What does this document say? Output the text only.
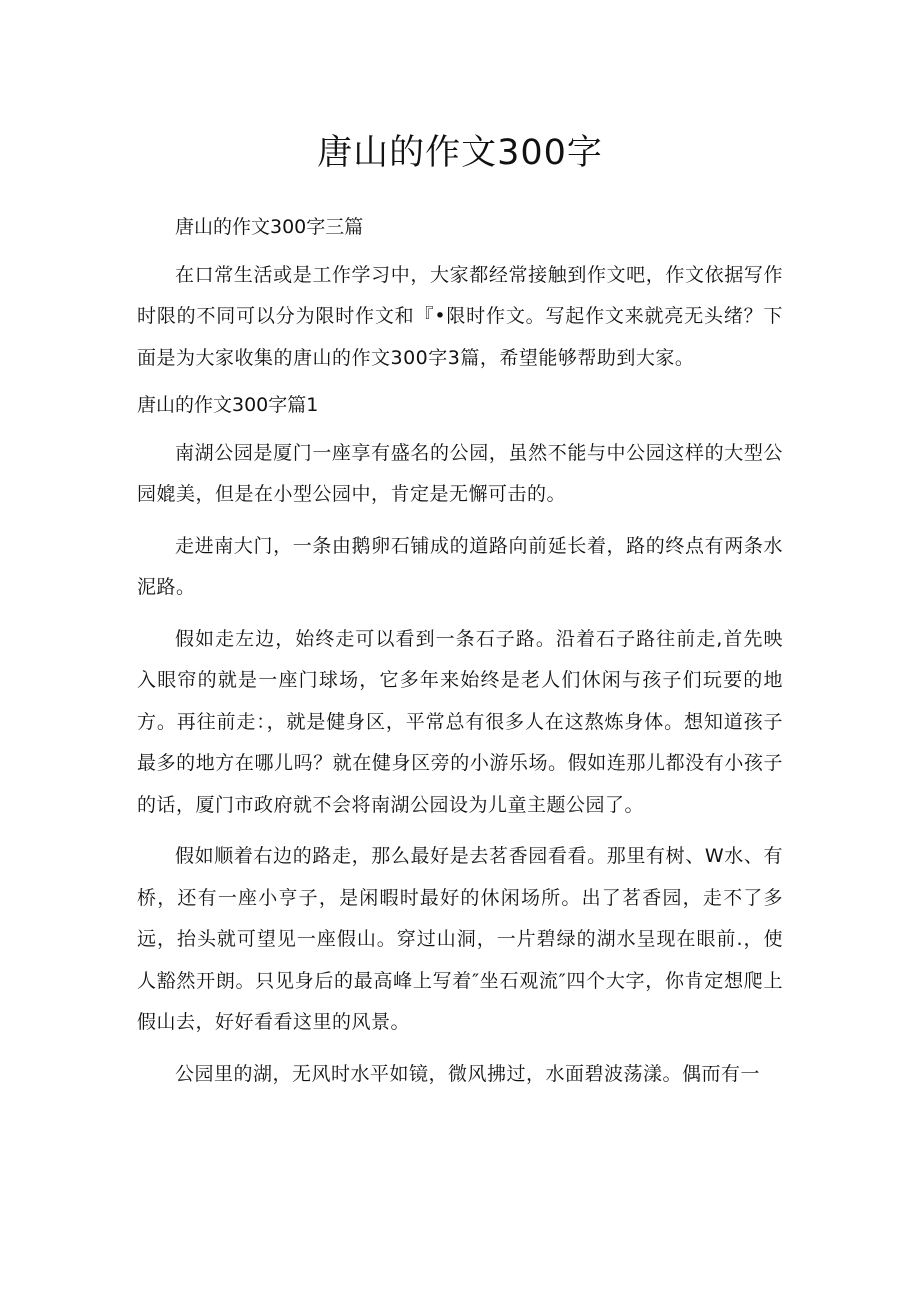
唐山的作文300字

唐山的作文300字三篇

在口常生活或是工作学习中，大家都经常接触到作文吧，作文依据写作时限的不同可以分为限时作文和『•限时作文。写起作文来就亮无头绪？下面是为大家收集的唐山的作文300字3篇，希望能够帮助到大家。

唐山的作文300字篇1

南湖公园是厦门一座享有盛名的公园，虽然不能与中公园这样的大型公园媲美，但是在小型公园中，肯定是无懈可击的。

走进南大门，一条由鹅卵石铺成的道路向前延长着，路的终点有两条水泥路。

假如走左边，始终走可以看到一条石子路。沿着石子路往前走,首先映入眼帘的就是一座门球场，它多年来始终是老人们休闲与孩子们玩要的地方。再往前走：，就是健身区，平常总有很多人在这熬炼身体。想知道孩子最多的地方在哪儿吗？就在健身区旁的小游乐场。假如连那儿都没有小孩子的话，厦门市政府就不会将南湖公园设为儿童主题公园了。

假如顺着右边的路走，那么最好是去茗香园看看。那里有树、W水、有桥，还有一座小亨子，是闲暇时最好的休闲场所。出了茗香园，走不了多远，抬头就可望见一座假山。穿过山洞，一片碧绿的湖水呈现在眼前.，使人豁然开朗。只见身后的最高峰上写着″坐石观流″四个大字，你肯定想爬上假山去，好好看看这里的风景。

公园里的湖，无风时水平如镜，微风拂过，水面碧波荡漾。偶而有一
